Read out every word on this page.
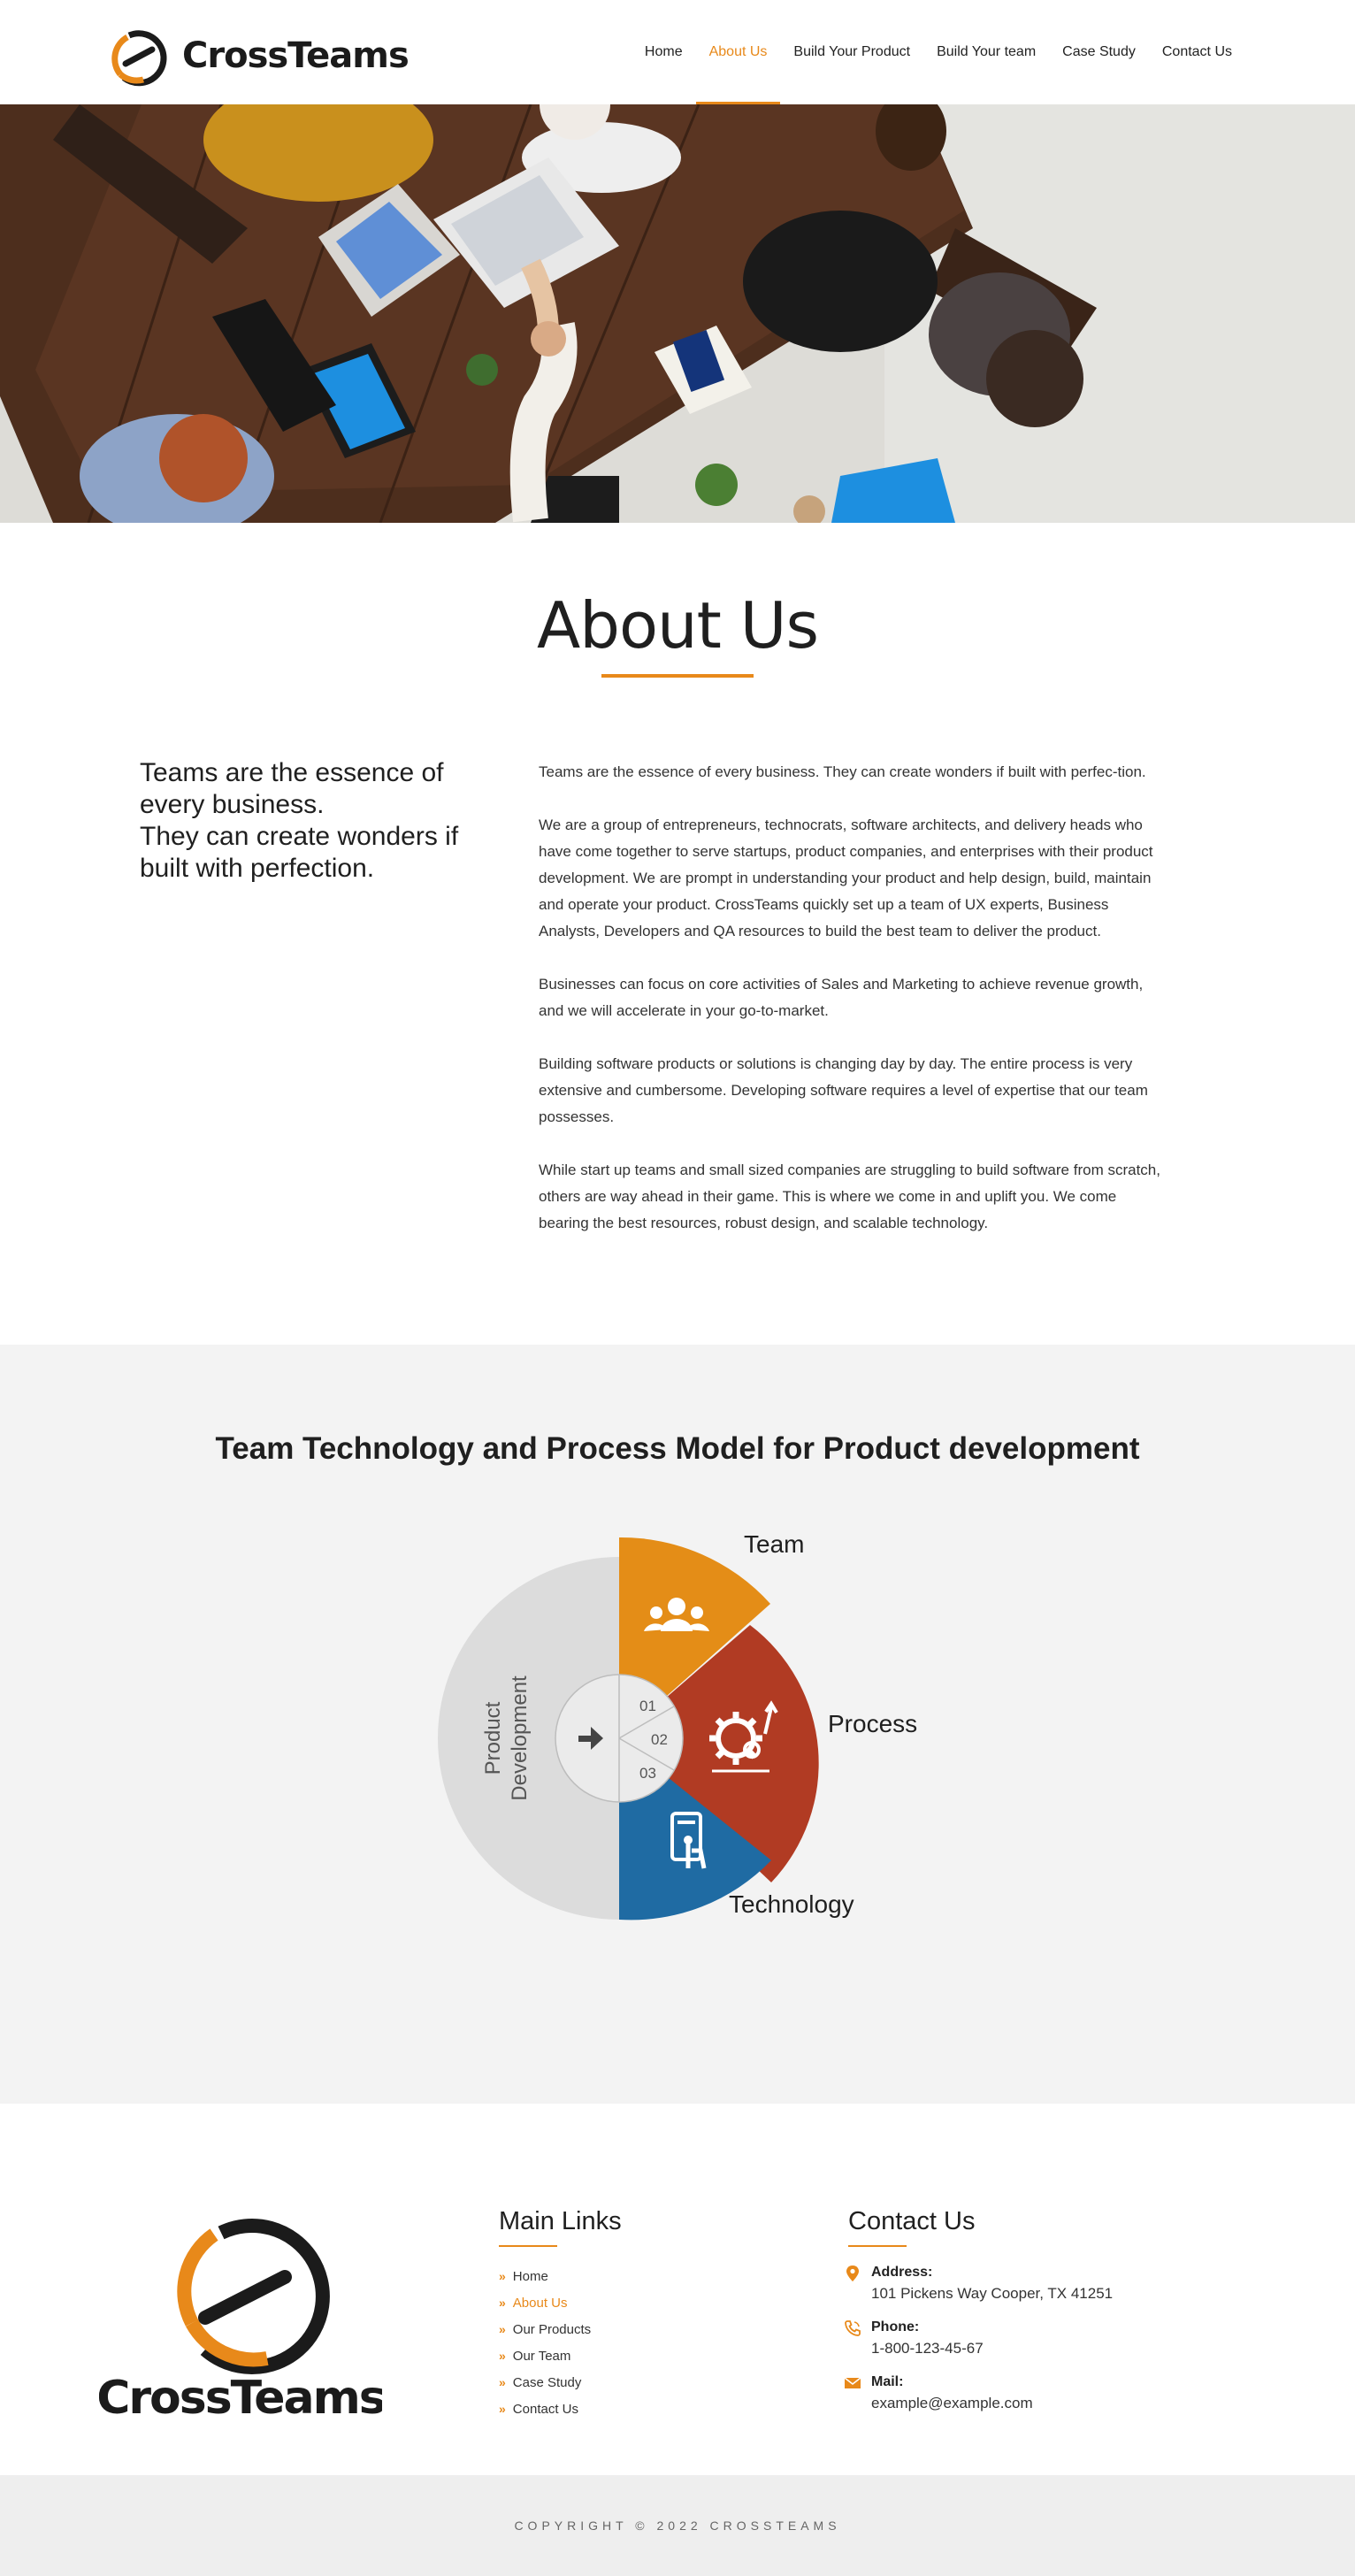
CrossTeams	Home	About Us	Build Your Product	Build Your team	Case Study	Contact Us
About Us
Teams are the essence of every business.
They can create wonders if built with perfection.

Teams are the essence of every business. They can create wonders if built with perfec-tion.

We are a group of entrepreneurs, technocrats, software architects, and delivery heads who have come together to serve startups, product companies, and enterprises with their product development. We are prompt in understanding your product and help design, build, maintain and operate your product. CrossTeams quickly set up a team of UX experts, Business Analysts, Developers and QA resources to build the best team to deliver the product.

Businesses can focus on core activities of Sales and Marketing to achieve revenue growth, and we will accelerate in your go-to-market.

Building software products or solutions is changing day by day. The entire process is very extensive and cumbersome. Developing software requires a level of expertise that our team possesses.

While start up teams and small sized companies are struggling to build software from scratch, others are way ahead in their game. This is where we come in and uplift you. We come bearing the best resources, robust design, and scalable technology.

Team Technology and Process Model for Product development
01
02
03
Product Development
Team
Process
Technology
CrossTeams
Main Links
» Home
» About Us
» Our Products
» Our Team
» Case Study
» Contact Us
Contact Us
Address:
101 Pickens Way Cooper, TX 41251
Phone:
1-800-123-45-67
Mail:
example@example.com
COPYRIGHT © 2022 CROSSTEAMS
